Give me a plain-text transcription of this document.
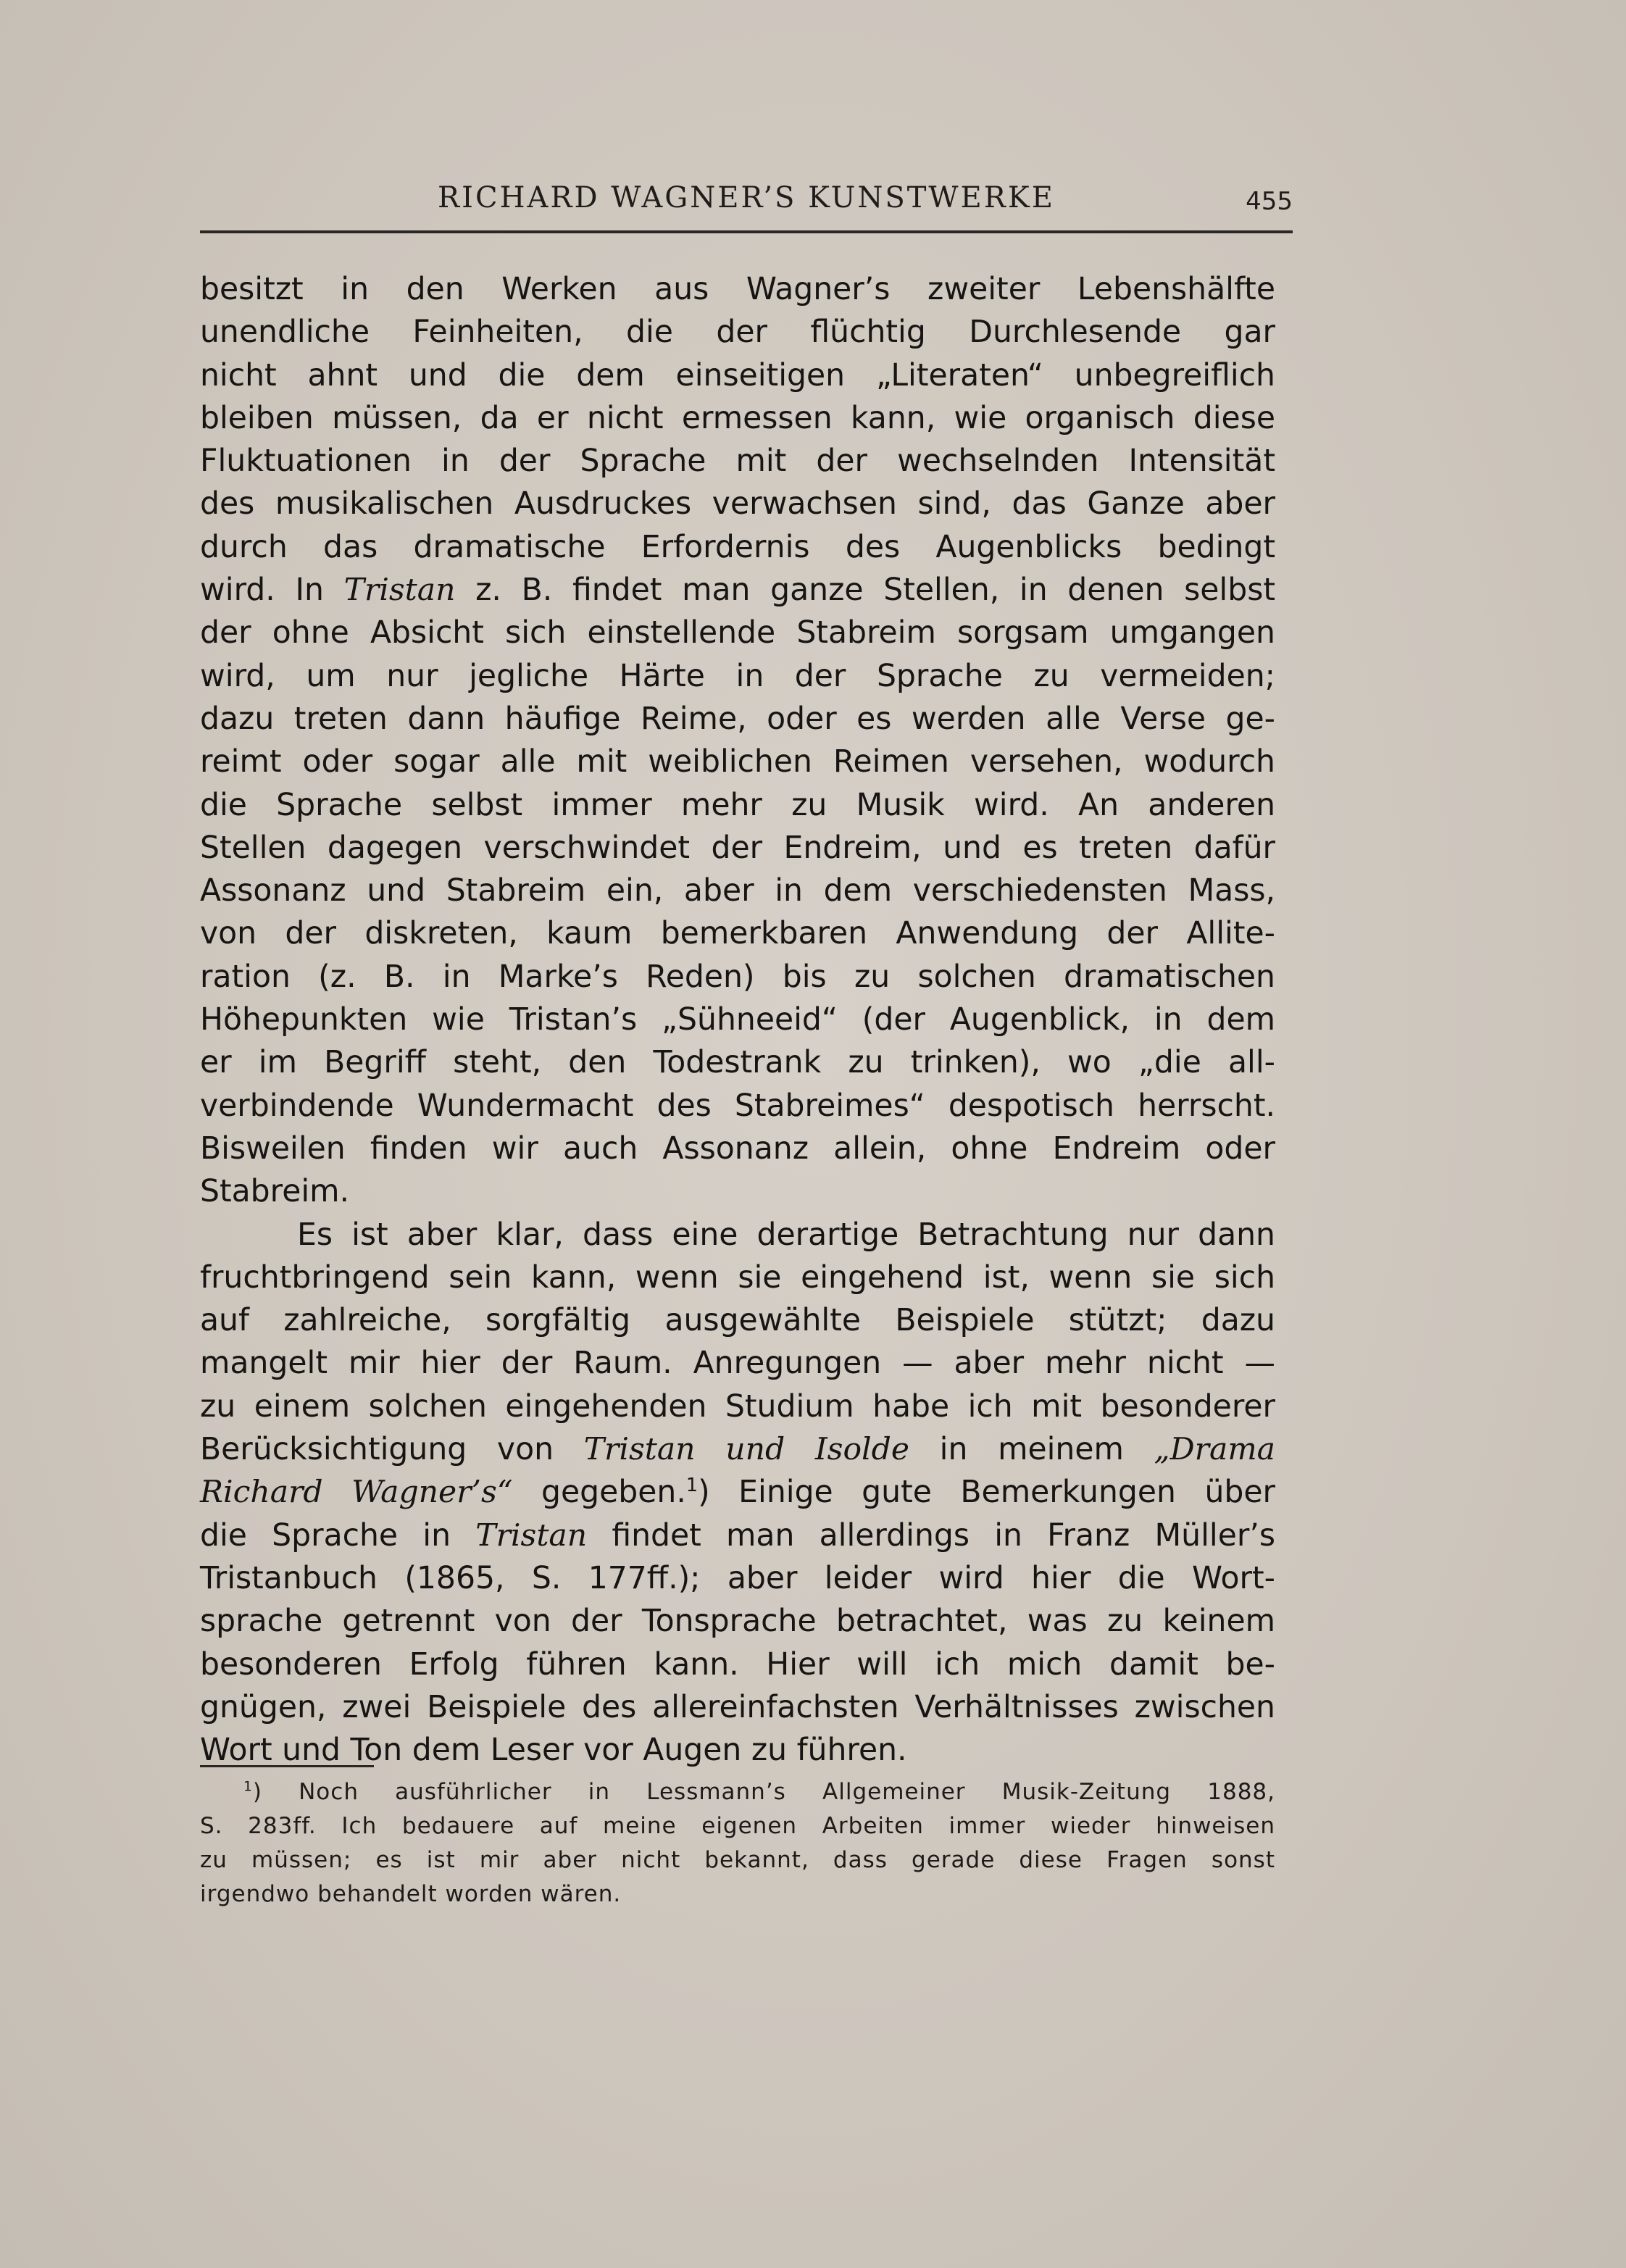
RICHARD WAGNER’S KUNSTWERKE	455
besitzt in den Werken aus Wagner’s zweiter Lebenshälfte
unendliche Feinheiten, die der flüchtig Durchlesende gar
nicht ahnt und die dem einseitigen „Literaten“ unbegreiflich
bleiben müssen, da er nicht ermessen kann, wie organisch diese
Fluktuationen in der Sprache mit der wechselnden Intensität
des musikalischen Ausdruckes verwachsen sind, das Ganze aber
durch das dramatische Erfordernis des Augenblicks bedingt
wird. In Tristan z. B. findet man ganze Stellen, in denen selbst
der ohne Absicht sich einstellende Stabreim sorgsam umgangen
wird, um nur jegliche Härte in der Sprache zu vermeiden;
dazu treten dann häufige Reime, oder es werden alle Verse ge-
reimt oder sogar alle mit weiblichen Reimen versehen, wodurch
die Sprache selbst immer mehr zu Musik wird. An anderen
Stellen dagegen verschwindet der Endreim, und es treten dafür
Assonanz und Stabreim ein, aber in dem verschiedensten Mass,
von der diskreten, kaum bemerkbaren Anwendung der Allite-
ration (z. B. in Marke’s Reden) bis zu solchen dramatischen
Höhepunkten wie Tristan’s „Sühneeid“ (der Augenblick, in dem
er im Begriff steht, den Todestrank zu trinken), wo „die all-
verbindende Wundermacht des Stabreimes“ despotisch herrscht.
Bisweilen finden wir auch Assonanz allein, ohne Endreim oder
Stabreim.
Es ist aber klar, dass eine derartige Betrachtung nur dann
fruchtbringend sein kann, wenn sie eingehend ist, wenn sie sich
auf zahlreiche, sorgfältig ausgewählte Beispiele stützt; dazu
mangelt mir hier der Raum. Anregungen — aber mehr nicht —
zu einem solchen eingehenden Studium habe ich mit besonderer
Berücksichtigung von Tristan und Isolde in meinem „Drama
Richard Wagner’s“ gegeben.$^1$) Einige gute Bemerkungen über
die Sprache in Tristan findet man allerdings in Franz Müller’s
Tristanbuch (1865, S. 177ff.); aber leider wird hier die Wort-
sprache getrennt von der Tonsprache betrachtet, was zu keinem
besonderen Erfolg führen kann. Hier will ich mich damit be-
gnügen, zwei Beispiele des allereinfachsten Verhältnisses zwischen
Wort und Ton dem Leser vor Augen zu führen.
$^1$) Noch ausführlicher in Lessmann’s Allgemeiner Musik-Zeitung 1888,
S. 283ff. Ich bedauere auf meine eigenen Arbeiten immer wieder hinweisen
zu müssen; es ist mir aber nicht bekannt, dass gerade diese Fragen sonst
irgendwo behandelt worden wären.
